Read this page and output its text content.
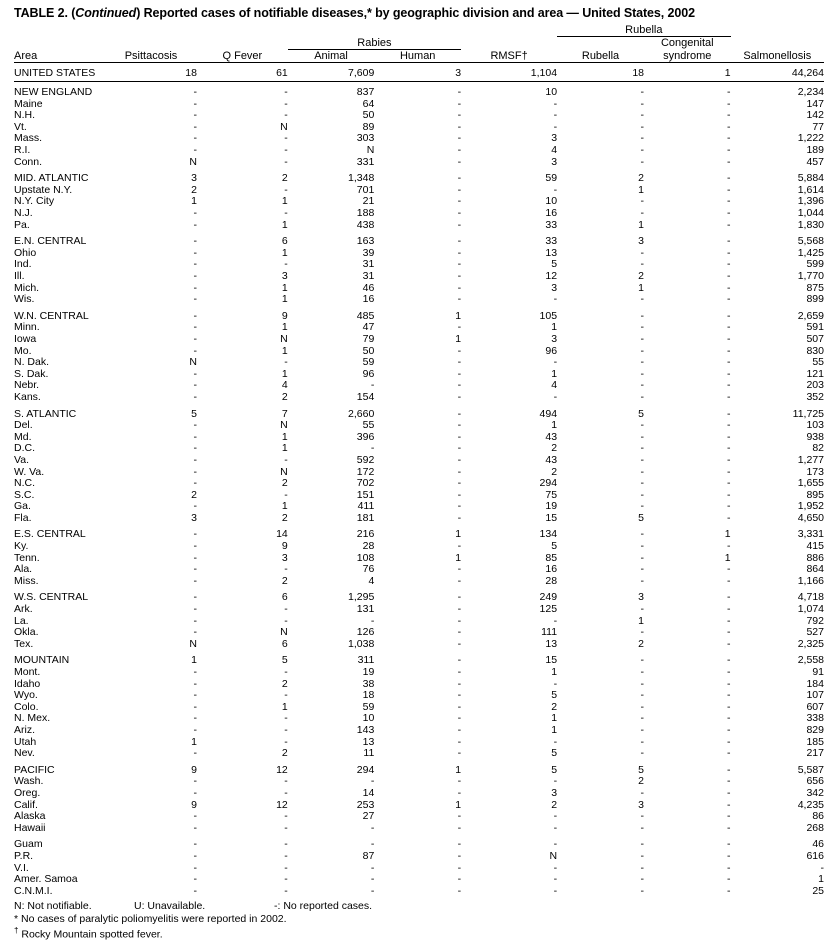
TABLE 2. (Continued) Reported cases of notifiable diseases,* by geographic division and area — United States, 2002
						Rubella		
			Rabies				Congenital	
Area	Psittacosis	Q Fever	Animal	Human	RMSF†	Rubella	syndrome	Salmonellosis
UNITED STATES	18	61	7,609	3	1,104	18	1	44,264
NEW ENGLAND	-	-	837	-	10	-	-	2,234
Maine	-	-	64	-	-	-	-	147
N.H.	-	-	50	-	-	-	-	142
Vt.	-	N	89	-	-	-	-	77
Mass.	-	-	303	-	3	-	-	1,222
R.I.	-	-	N	-	4	-	-	189
Conn.	N	-	331	-	3	-	-	457
MID. ATLANTIC	3	2	1,348	-	59	2	-	5,884
Upstate N.Y.	2	-	701	-	-	1	-	1,614
N.Y. City	1	1	21	-	10	-	-	1,396
N.J.	-	-	188	-	16	-	-	1,044
Pa.	-	1	438	-	33	1	-	1,830
E.N. CENTRAL	-	6	163	-	33	3	-	5,568
Ohio	-	1	39	-	13	-	-	1,425
Ind.	-	-	31	-	5	-	-	599
Ill.	-	3	31	-	12	2	-	1,770
Mich.	-	1	46	-	3	1	-	875
Wis.	-	1	16	-	-	-	-	899
W.N. CENTRAL	-	9	485	1	105	-	-	2,659
Minn.	-	1	47	-	1	-	-	591
Iowa	-	N	79	1	3	-	-	507
Mo.	-	1	50	-	96	-	-	830
N. Dak.	N	-	59	-	-	-	-	55
S. Dak.	-	1	96	-	1	-	-	121
Nebr.	-	4	-	-	4	-	-	203
Kans.	-	2	154	-	-	-	-	352
S. ATLANTIC	5	7	2,660	-	494	5	-	11,725
Del.	-	N	55	-	1	-	-	103
Md.	-	1	396	-	43	-	-	938
D.C.	-	1	-	-	2	-	-	82
Va.	-	-	592	-	43	-	-	1,277
W. Va.	-	N	172	-	2	-	-	173
N.C.	-	2	702	-	294	-	-	1,655
S.C.	2	-	151	-	75	-	-	895
Ga.	-	1	411	-	19	-	-	1,952
Fla.	3	2	181	-	15	5	-	4,650
E.S. CENTRAL	-	14	216	1	134	-	1	3,331
Ky.	-	9	28	-	5	-	-	415
Tenn.	-	3	108	1	85	-	1	886
Ala.	-	-	76	-	16	-	-	864
Miss.	-	2	4	-	28	-	-	1,166
W.S. CENTRAL	-	6	1,295	-	249	3	-	4,718
Ark.	-	-	131	-	125	-	-	1,074
La.	-	-	-	-	-	1	-	792
Okla.	-	N	126	-	111	-	-	527
Tex.	N	6	1,038	-	13	2	-	2,325
MOUNTAIN	1	5	311	-	15	-	-	2,558
Mont.	-	-	19	-	1	-	-	91
Idaho	-	2	38	-	-	-	-	184
Wyo.	-	-	18	-	5	-	-	107
Colo.	-	1	59	-	2	-	-	607
N. Mex.	-	-	10	-	1	-	-	338
Ariz.	-	-	143	-	1	-	-	829
Utah	1	-	13	-	-	-	-	185
Nev.	-	2	11	-	5	-	-	217
PACIFIC	9	12	294	1	5	5	-	5,587
Wash.	-	-	-	-	-	2	-	656
Oreg.	-	-	14	-	3	-	-	342
Calif.	9	12	253	1	2	3	-	4,235
Alaska	-	-	27	-	-	-	-	86
Hawaii	-	-	-	-	-	-	-	268
Guam	-	-	-	-	-	-	-	46
P.R.	-	-	87	-	N	-	-	616
V.I.	-	-	-	-	-	-	-	-
Amer. Samoa	-	-	-	-	-	-	-	1
C.N.M.I.	-	-	-	-	-	-	-	25
N: Not notifiable.	U: Unavailable.	-: No reported cases.
* No cases of paralytic poliomyelitis were reported in 2002.
† Rocky Mountain spotted fever.
